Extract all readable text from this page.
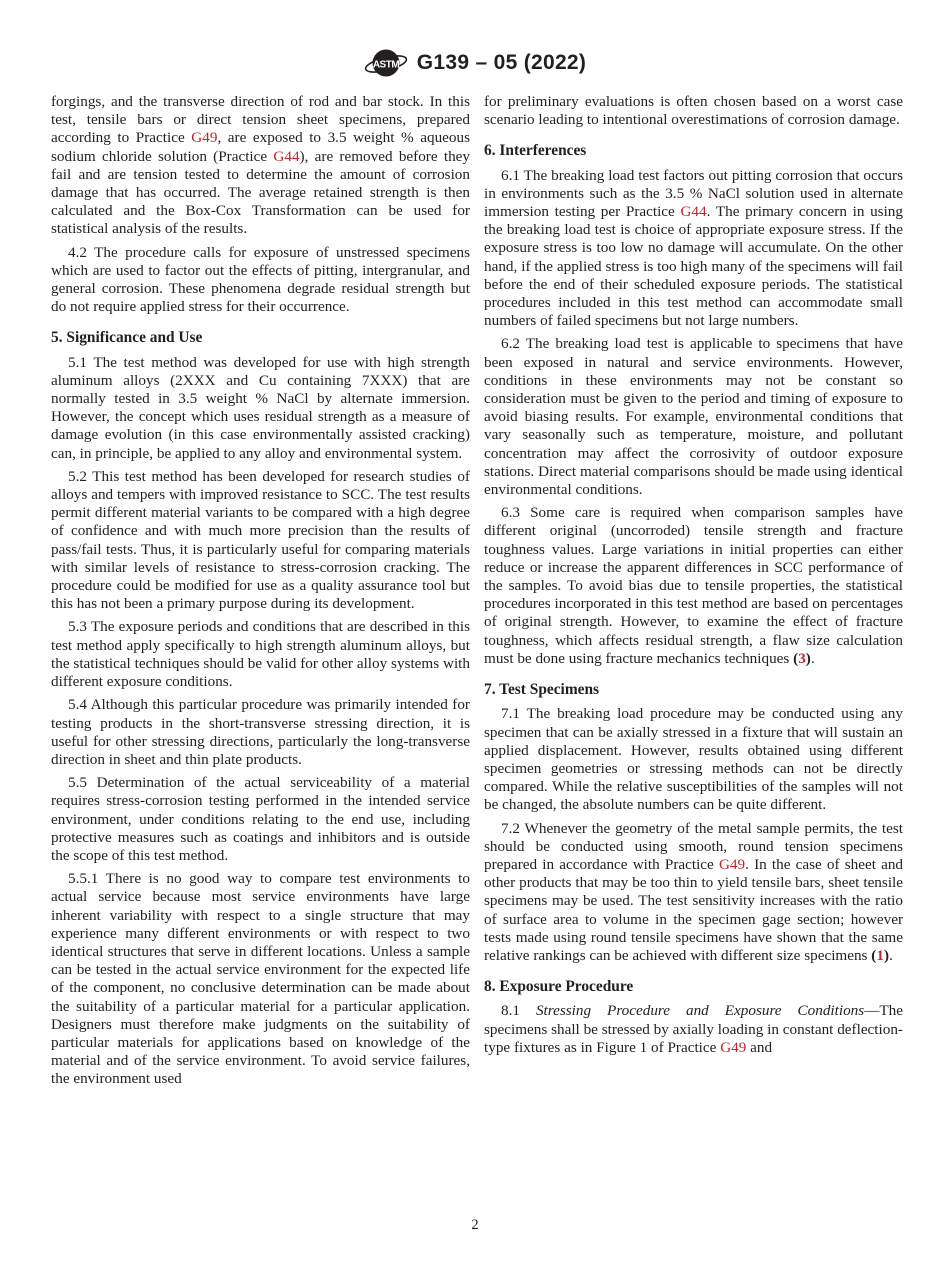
ASTM G139 – 05 (2022)

forgings, and the transverse direction of rod and bar stock. In this test, tensile bars or direct tension sheet specimens, prepared according to Practice G49, are exposed to 3.5 weight % aqueous sodium chloride solution (Practice G44), are removed before they fail and are tension tested to determine the amount of corrosion damage that has occurred. The average retained strength is then calculated and the Box-Cox Transformation can be used for statistical analysis of the results.

4.2 The procedure calls for exposure of unstressed specimens which are used to factor out the effects of pitting, intergranular, and general corrosion. These phenomena degrade residual strength but do not require applied stress for their occurrence.

5. Significance and Use

5.1 The test method was developed for use with high strength aluminum alloys (2XXX and Cu containing 7XXX) that are normally tested in 3.5 weight % NaCl by alternate immersion. However, the concept which uses residual strength as a measure of damage evolution (in this case environmentally assisted cracking) can, in principle, be applied to any alloy and environmental system.

5.2 This test method has been developed for research studies of alloys and tempers with improved resistance to SCC. The test results permit different material variants to be compared with a high degree of confidence and with much more precision than the results of pass/fail tests. Thus, it is particularly useful for comparing materials with similar levels of resistance to stress-corrosion cracking. The procedure could be modified for use as a quality assurance tool but this has not been a primary purpose during its development.

5.3 The exposure periods and conditions that are described in this test method apply specifically to high strength aluminum alloys, but the statistical techniques should be valid for other alloy systems with different exposure conditions.

5.4 Although this particular procedure was primarily intended for testing products in the short-transverse stressing direction, it is useful for other stressing directions, particularly the long-transverse direction in sheet and thin plate products.

5.5 Determination of the actual serviceability of a material requires stress-corrosion testing performed in the intended service environment, under conditions relating to the end use, including protective measures such as coatings and inhibitors and is outside the scope of this test method.

5.5.1 There is no good way to compare test environments to actual service because most service environments have large inherent variability with respect to a single structure that may experience many different environments or with respect to two identical structures that serve in different locations. Unless a sample can be tested in the actual service environment for the expected life of the component, no conclusive determination can be made about the suitability of a particular material for a particular application. Designers must therefore make judgments on the suitability of particular materials for applications based on knowledge of the material and of the service environment. To avoid service failures, the environment used

for preliminary evaluations is often chosen based on a worst case scenario leading to intentional overestimations of corrosion damage.

6. Interferences

6.1 The breaking load test factors out pitting corrosion that occurs in environments such as the 3.5 % NaCl solution used in alternate immersion testing per Practice G44. The primary concern in using the breaking load test is choice of appropriate exposure stress. If the exposure stress is too low no damage will accumulate. On the other hand, if the applied stress is too high many of the specimens will fail before the end of their scheduled exposure periods. The statistical procedures included in this test method can accommodate small numbers of failed specimens but not large numbers.

6.2 The breaking load test is applicable to specimens that have been exposed in natural and service environments. However, conditions in these environments may not be constant so consideration must be given to the period and timing of exposure to avoid biasing results. For example, environmental conditions that vary seasonally such as temperature, moisture, and pollutant concentration may affect the corrosivity of outdoor exposure stations. Direct material comparisons should be made using identical environmental conditions.

6.3 Some care is required when comparison samples have different original (uncorroded) tensile strength and fracture toughness values. Large variations in initial properties can either reduce or increase the apparent differences in SCC performance of the samples. To avoid bias due to tensile properties, the statistical procedures incorporated in this test method are based on percentages of original strength. However, to examine the effect of fracture toughness, which affects residual strength, a flaw size calculation must be done using fracture mechanics techniques (3).

7. Test Specimens

7.1 The breaking load procedure may be conducted using any specimen that can be axially stressed in a fixture that will sustain an applied displacement. However, results obtained using different specimen geometries or stressing methods can not be directly compared. While the relative susceptibilities of the samples will not be changed, the absolute numbers can be quite different.

7.2 Whenever the geometry of the metal sample permits, the test should be conducted using smooth, round tension specimens prepared in accordance with Practice G49. In the case of sheet and other products that may be too thin to yield tensile bars, sheet tensile specimens may be used. The test sensitivity increases with the ratio of surface area to volume in the specimen gage section; however tests made using round tensile specimens have shown that the same relative rankings can be achieved with different size specimens (1).

8. Exposure Procedure

8.1 Stressing Procedure and Exposure Conditions—The specimens shall be stressed by axially loading in constant deflection-type fixtures as in Figure 1 of Practice G49 and

2
